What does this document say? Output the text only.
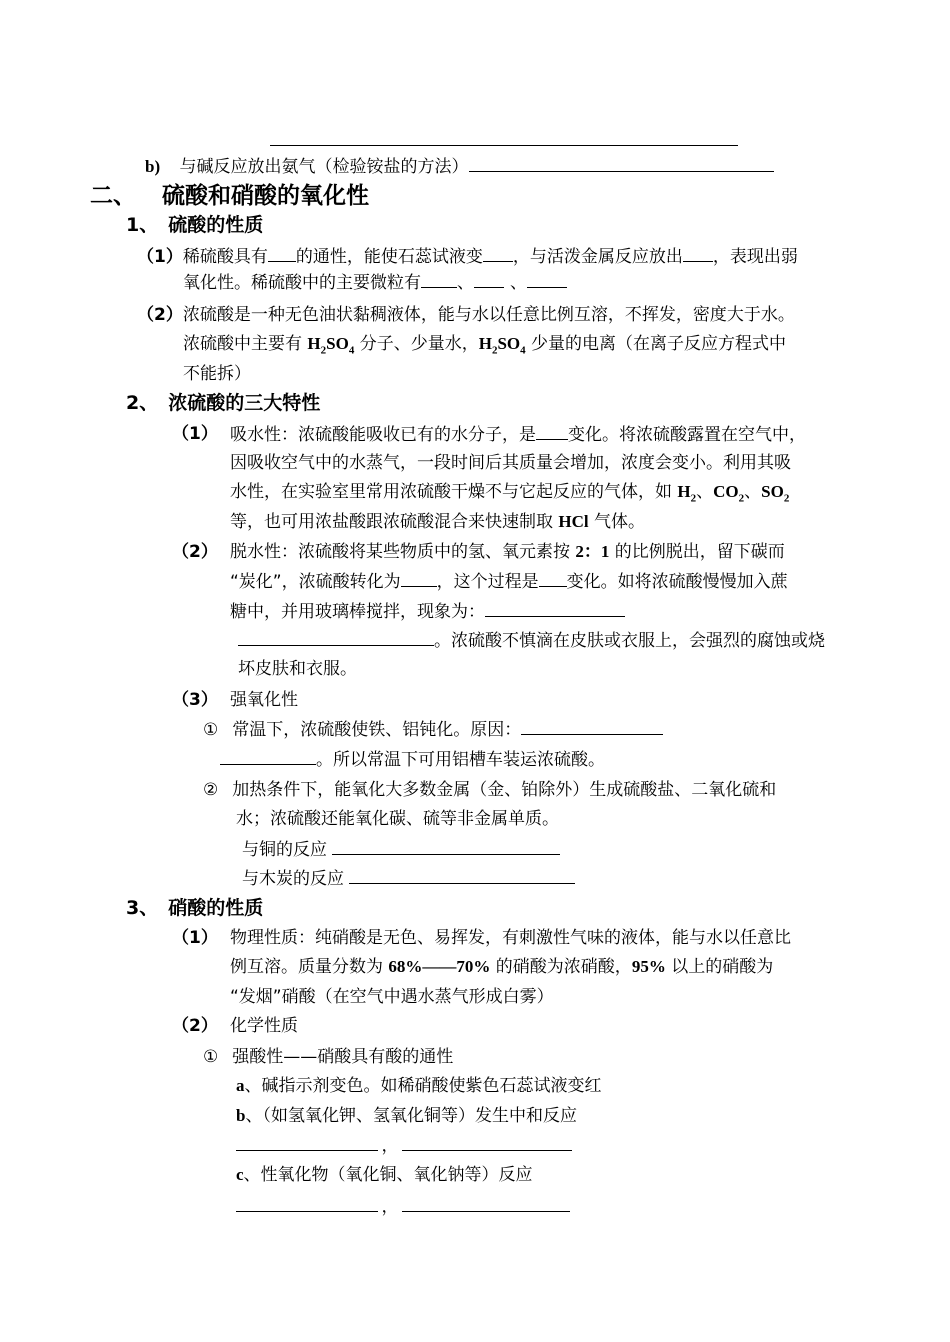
b) 与碱反应放出氨气（检验铵盐的方法）
二、 硫酸和硝酸的氧化性
1、 硫酸的性质
（1）稀硫酸具有 的通性，能使石蕊试液变 ，与活泼金属反应放出 ，表现出弱
氧化性。稀硫酸中的主要微粒有 、 、
（2）浓硫酸是一种无色油状黏稠液体，能与水以任意比例互溶，不挥发，密度大于水。
浓硫酸中主要有 $H_2SO_4$ 分子、少量水，$H_2SO_4$ 少量的电离（在离子反应方程式中
不能拆）
2、 浓硫酸的三大特性
（1） 吸水性：浓硫酸能吸收已有的水分子，是 变化。将浓硫酸露置在空气中，
因吸收空气中的水蒸气，一段时间后其质量会增加，浓度会变小。利用其吸
水性，在实验室里常用浓硫酸干燥不与它起反应的气体，如 $H_2$、$CO_2$、$SO_2$
等，也可用浓盐酸跟浓硫酸混合来快速制取 HCl 气体。
（2） 脱水性：浓硫酸将某些物质中的氢、氧元素按 2：1 的比例脱出，留下碳而
“炭化”，浓硫酸转化为 ，这个过程是 变化。如将浓硫酸慢慢加入蔗
糖中，并用玻璃棒搅拌，现象为：
。浓硫酸不慎滴在皮肤或衣服上，会强烈的腐蚀或烧
坏皮肤和衣服。
（3） 强氧化性
① 常温下，浓硫酸使铁、铝钝化。原因：
。所以常温下可用铝槽车装运浓硫酸。
② 加热条件下，能氧化大多数金属（金、铂除外）生成硫酸盐、二氧化硫和
水；浓硫酸还能氧化碳、硫等非金属单质。
与铜的反应
与木炭的反应
3、 硝酸的性质
（1） 物理性质：纯硝酸是无色、易挥发，有刺激性气味的液体，能与水以任意比
例互溶。质量分数为 68%——70% 的硝酸为浓硝酸，95% 以上的硝酸为
“发烟”硝酸（在空气中遇水蒸气形成白雾）
（2） 化学性质
① 强酸性——硝酸具有酸的通性
a、碱指示剂变色。如稀硝酸使紫色石蕊试液变红
b、（如氢氧化钾、氢氧化铜等）发生中和反应
，
c、性氧化物（氧化铜、氧化钠等）反应
，
